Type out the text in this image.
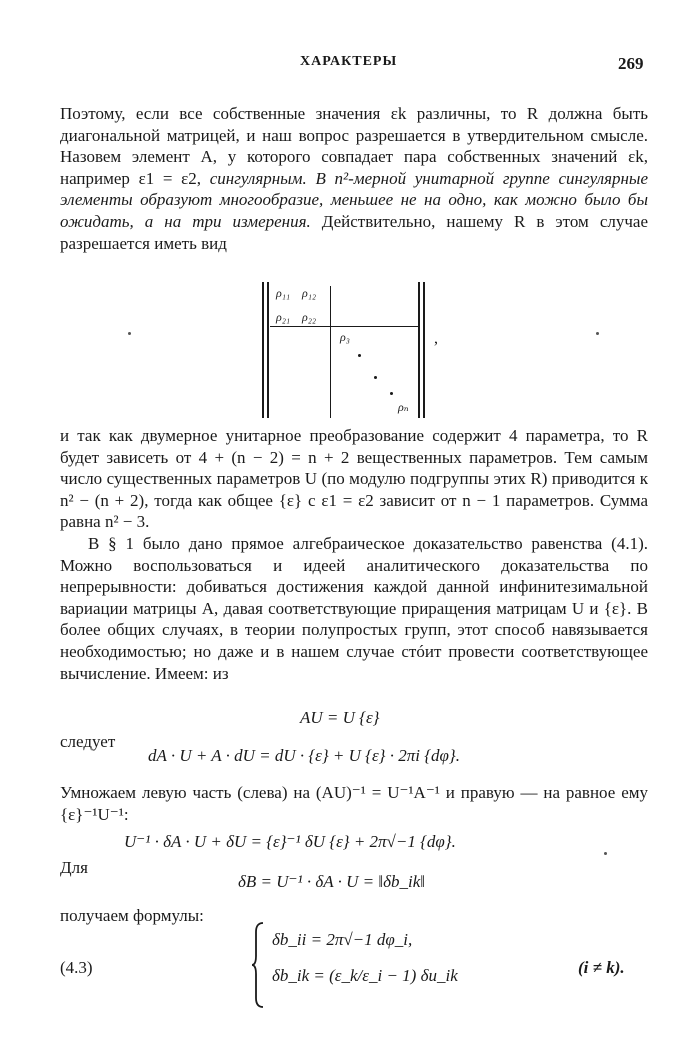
ХАРАКТЕРЫ	269
Поэтому, если все собственные значения εk различны, то R должна быть диагональной матрицей, и наш вопрос разрешается в утвердительном смысле. Назовем элемент A, у которого совпадает пара собственных значений εk, например ε1 = ε2, сингулярным. В n²-мерной унитарной группе сингулярные элементы образуют многообразие, меньшее не на одно, как можно было бы ожидать, а на три измерения. Действительно, нашему R в этом случае разрешается иметь вид
ρ₁₁ ρ₁₂
ρ₂₁ ρ₂₂
ρ₃
ρₙ
,
и так как двумерное унитарное преобразование содержит 4 параметра, то R будет зависеть от 4 + (n − 2) = n + 2 вещественных параметров. Тем самым число существенных параметров U (по модулю подгруппы этих R) приводится к n² − (n + 2), тогда как общее {ε} с ε1 = ε2 зависит от n − 1 параметров. Сумма равна n² − 3.
В § 1 было дано прямое алгебраическое доказательство равенства (4.1). Можно воспользоваться и идеей аналитического доказательства по непрерывности: добиваться достижения каждой данной инфинитезимальной вариации матрицы A, давая соответствующие приращения матрицам U и {ε}. В более общих случаях, в теории полупростых групп, этот способ навязывается необходимостью; но даже и в нашем случае стóит провести соответствующее вычисление. Имеем: из
AU = U {ε}
следует
dA · U + A · dU = dU · {ε} + U {ε} · 2πi {dφ}.
Умножаем левую часть (слева) на (AU)⁻¹ = U⁻¹A⁻¹ и правую — на равное ему {ε}⁻¹U⁻¹:
U⁻¹ · δA · U + δU = {ε}⁻¹ δU {ε} + 2π√−1 {dφ}.
Для
δB = U⁻¹ · δA · U = ‖δb_ik‖
получаем формулы:
(4.3)
δb_ii = 2π√−1 dφ_i,
δb_ik = (ε_k/ε_i − 1) δu_ik	(i ≠ k).
